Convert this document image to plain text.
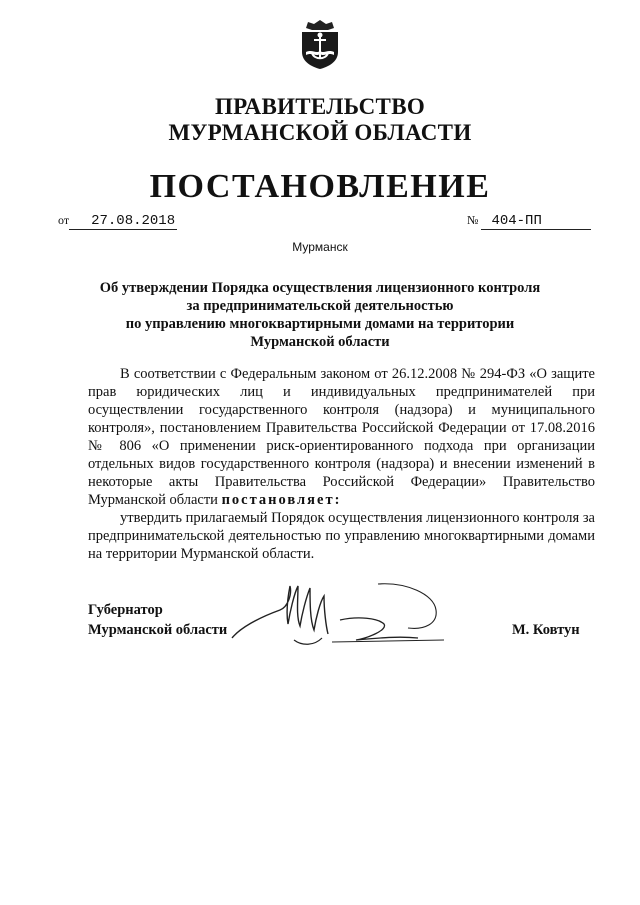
ПРАВИТЕЛЬСТВО
МУРМАНСКОЙ ОБЛАСТИ
ПОСТАНОВЛЕНИЕ
от 27.08.2018	№ 404-ПП
Мурманск
Об утверждении Порядка осуществления лицензионного контроля
за предпринимательской деятельностью
по управлению многоквартирными домами на территории
Мурманской области

В соответствии с Федеральным законом от 26.12.2008 № 294-ФЗ «О защите прав юридических лиц и индивидуальных предпринимателей при осуществлении государственного контроля (надзора) и муниципального контроля», постановлением Правительства Российской Федерации от 17.08.2016 № 806 «О применении риск-ориентированного подхода при организации отдельных видов государственного контроля (надзора) и внесении изменений в некоторые акты Правительства Российской Федерации» Правительство Мурманской области постановляет:

утвердить прилагаемый Порядок осуществления лицензионного контроля за предпринимательской деятельностью по управлению многоквартирными домами на территории Мурманской области.

Губернатор
Мурманской области	М. Ковтун
